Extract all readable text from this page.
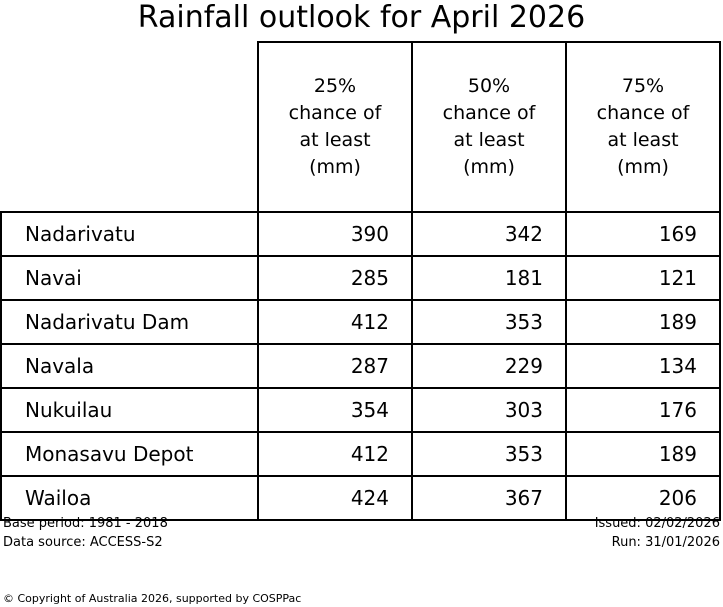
Rainfall outlook for April 2026

25%
chance of
at least
(mm)

50%
chance of
at least
(mm)

75%
chance of
at least
(mm)

Nadarivatu	390	342	169
Navai	285	181	121
Nadarivatu Dam	412	353	189
Navala	287	229	134
Nukuilau	354	303	176
Monasavu Depot	412	353	189
Wailoa	424	367	206
Base period: 1981 - 2018	Issued: 02/02/2026
Data source: ACCESS-S2	Run: 31/01/2026
© Copyright of Australia 2026, supported by COSPPac
